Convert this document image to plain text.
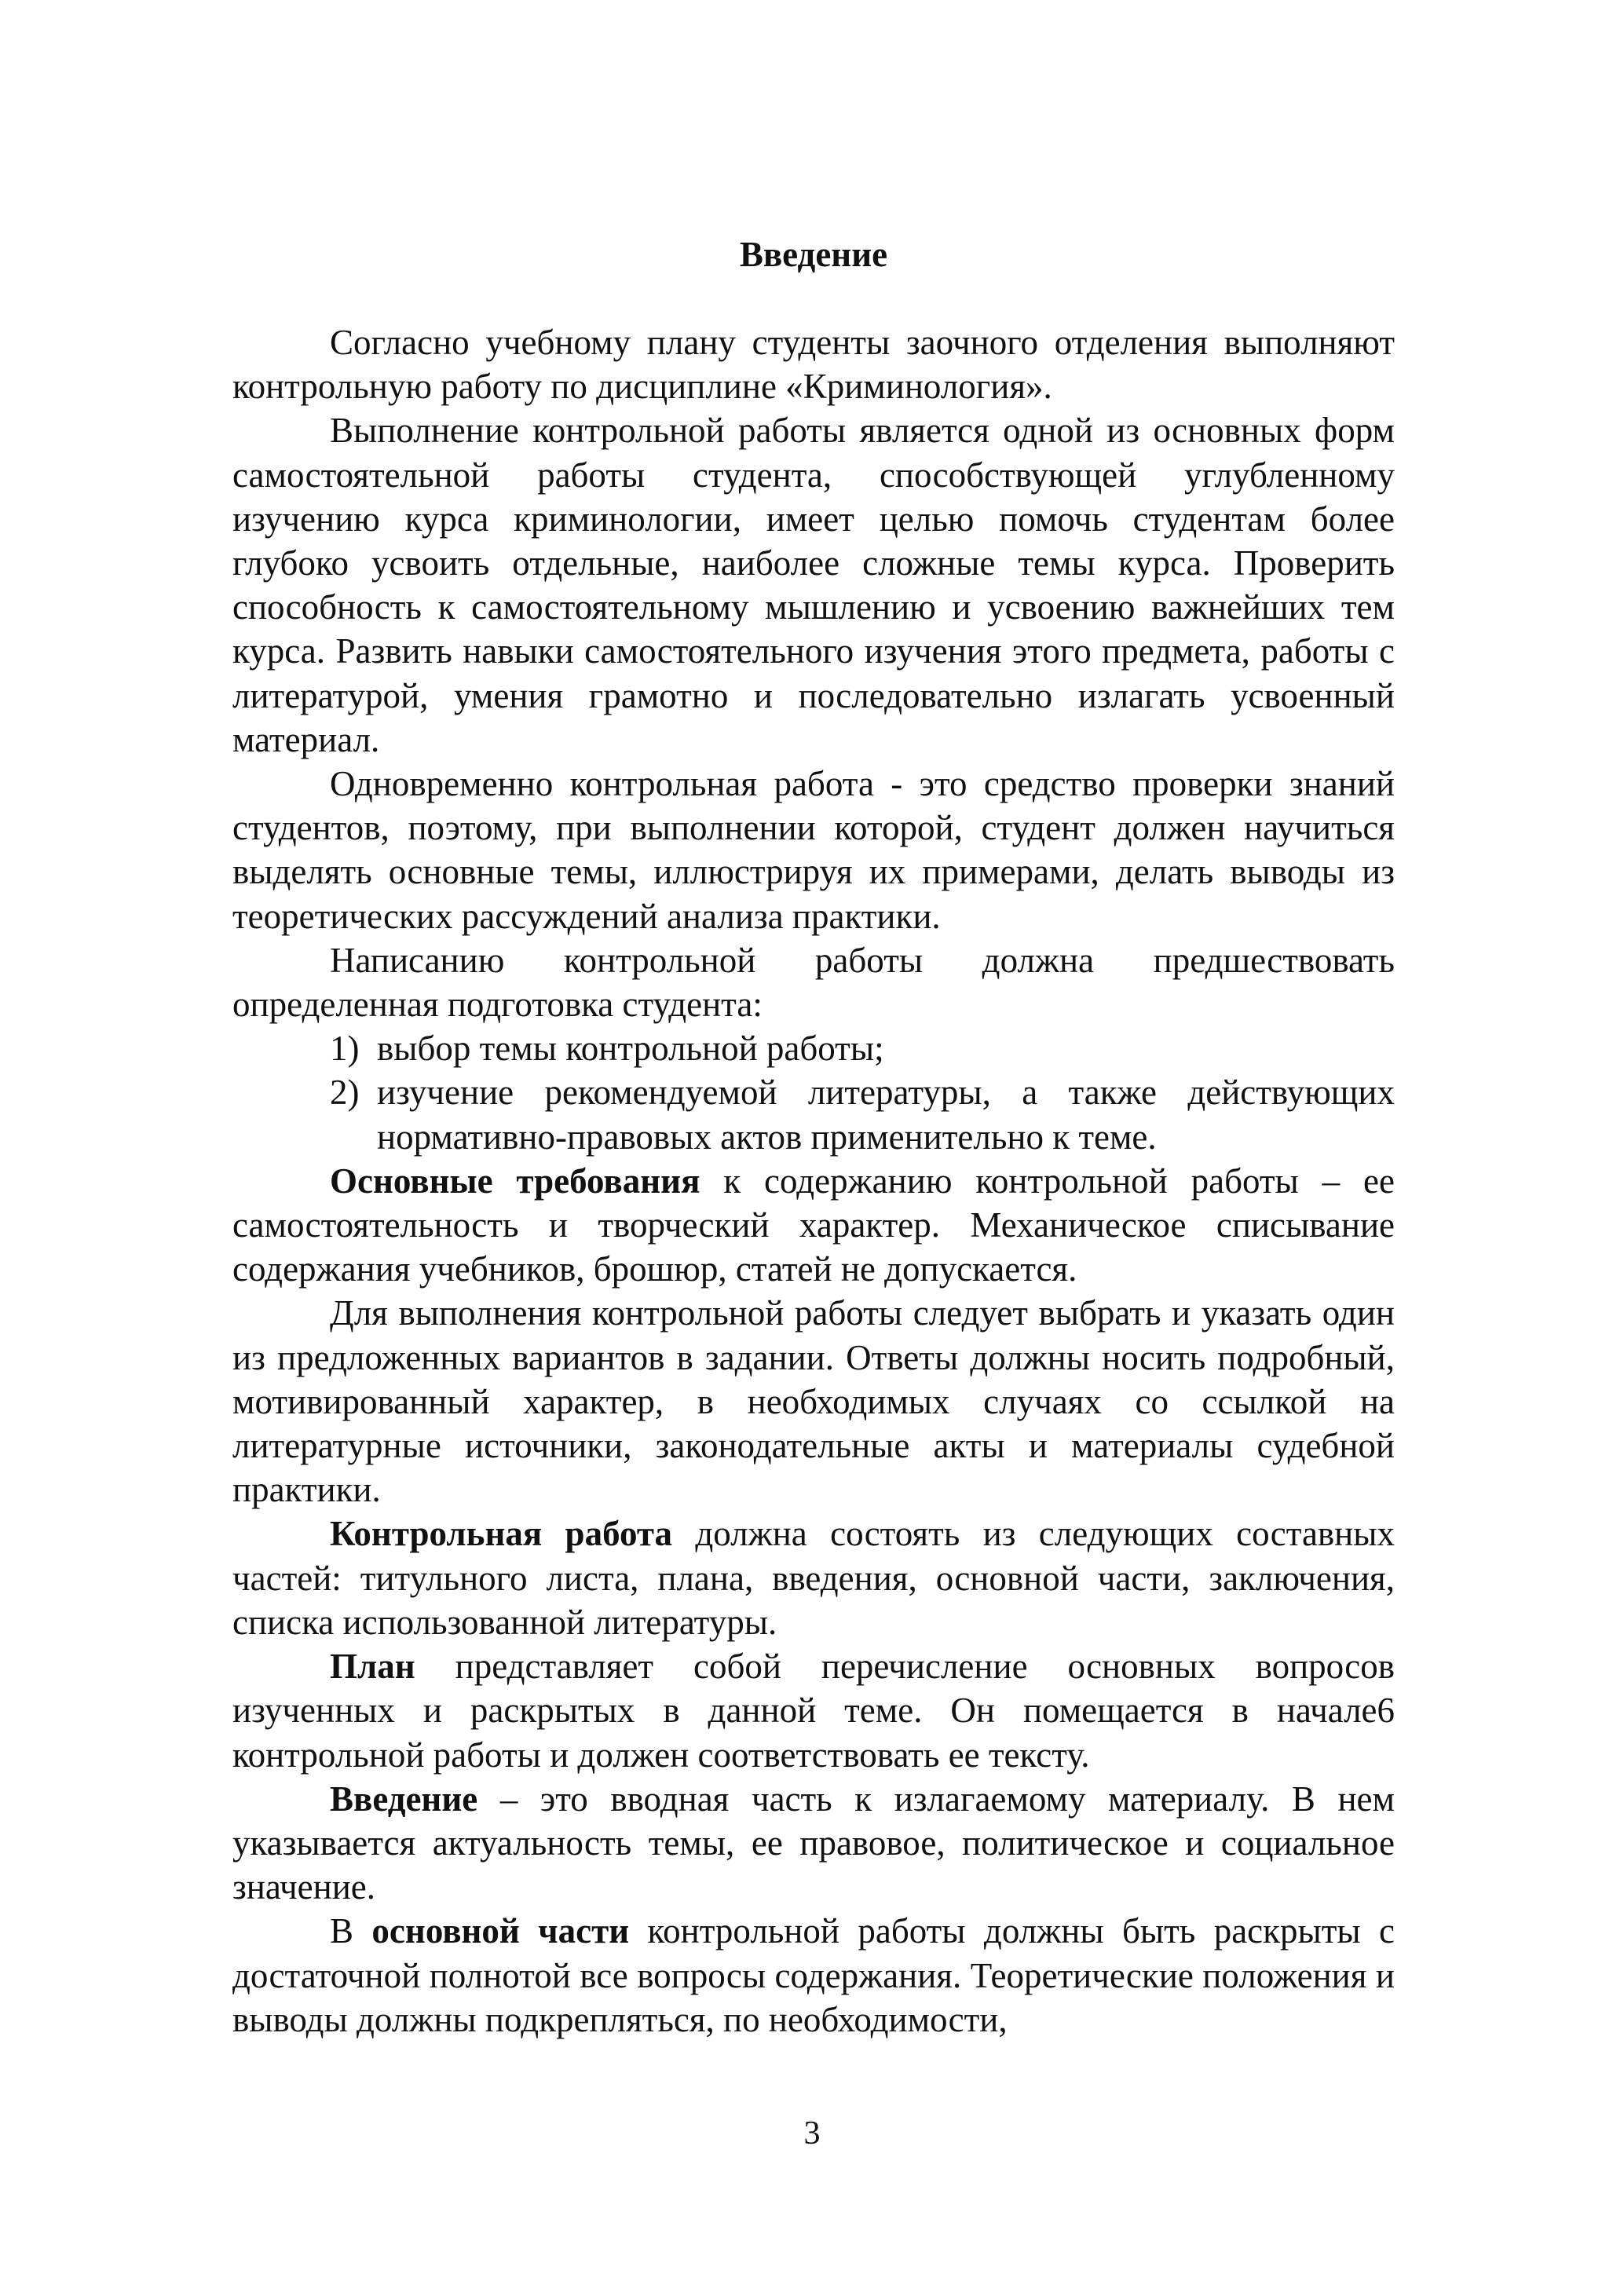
Введение

Согласно учебному плану студенты заочного отделения выполняют контрольную работу по дисциплине «Криминология».

Выполнение контрольной работы является одной из основных форм самостоятельной работы студента, способствующей углубленному изучению курса криминологии, имеет целью помочь студентам более глубоко усвоить отдельные, наиболее сложные темы курса. Проверить способность к самостоятельному мышлению и усвоению важнейших тем курса. Развить навыки самостоятельного изучения этого предмета, работы с литературой, умения грамотно и последовательно излагать усвоенный материал.

Одновременно контрольная работа - это средство проверки знаний студентов, поэтому, при выполнении которой, студент должен научиться выделять основные темы, иллюстрируя их примерами, делать выводы из теоретических рассуждений анализа практики.

Написанию контрольной работы должна предшествовать определенная подготовка студента:

1) выбор темы контрольной работы;

2) изучение рекомендуемой литературы, а также действующих нормативно-правовых актов применительно к теме.

Основные требования к содержанию контрольной работы – ее самостоятельность и творческий характер. Механическое списывание содержания учебников, брошюр, статей не допускается.

Для выполнения контрольной работы следует выбрать и указать один из предложенных вариантов в задании. Ответы должны носить подробный, мотивированный характер, в необходимых случаях со ссылкой на литературные источники, законодательные акты и материалы судебной практики.

Контрольная работа должна состоять из следующих составных частей: титульного листа, плана, введения, основной части, заключения, списка использованной литературы.

План представляет собой перечисление основных вопросов изученных и раскрытых в данной теме. Он помещается в начале6 контрольной работы и должен соответствовать ее тексту.

Введение – это вводная часть к излагаемому материалу. В нем указывается актуальность темы, ее правовое, политическое и социальное значение.

В основной части контрольной работы должны быть раскрыты с достаточной полнотой все вопросы содержания. Теоретические положения и выводы должны подкрепляться, по необходимости,

3
